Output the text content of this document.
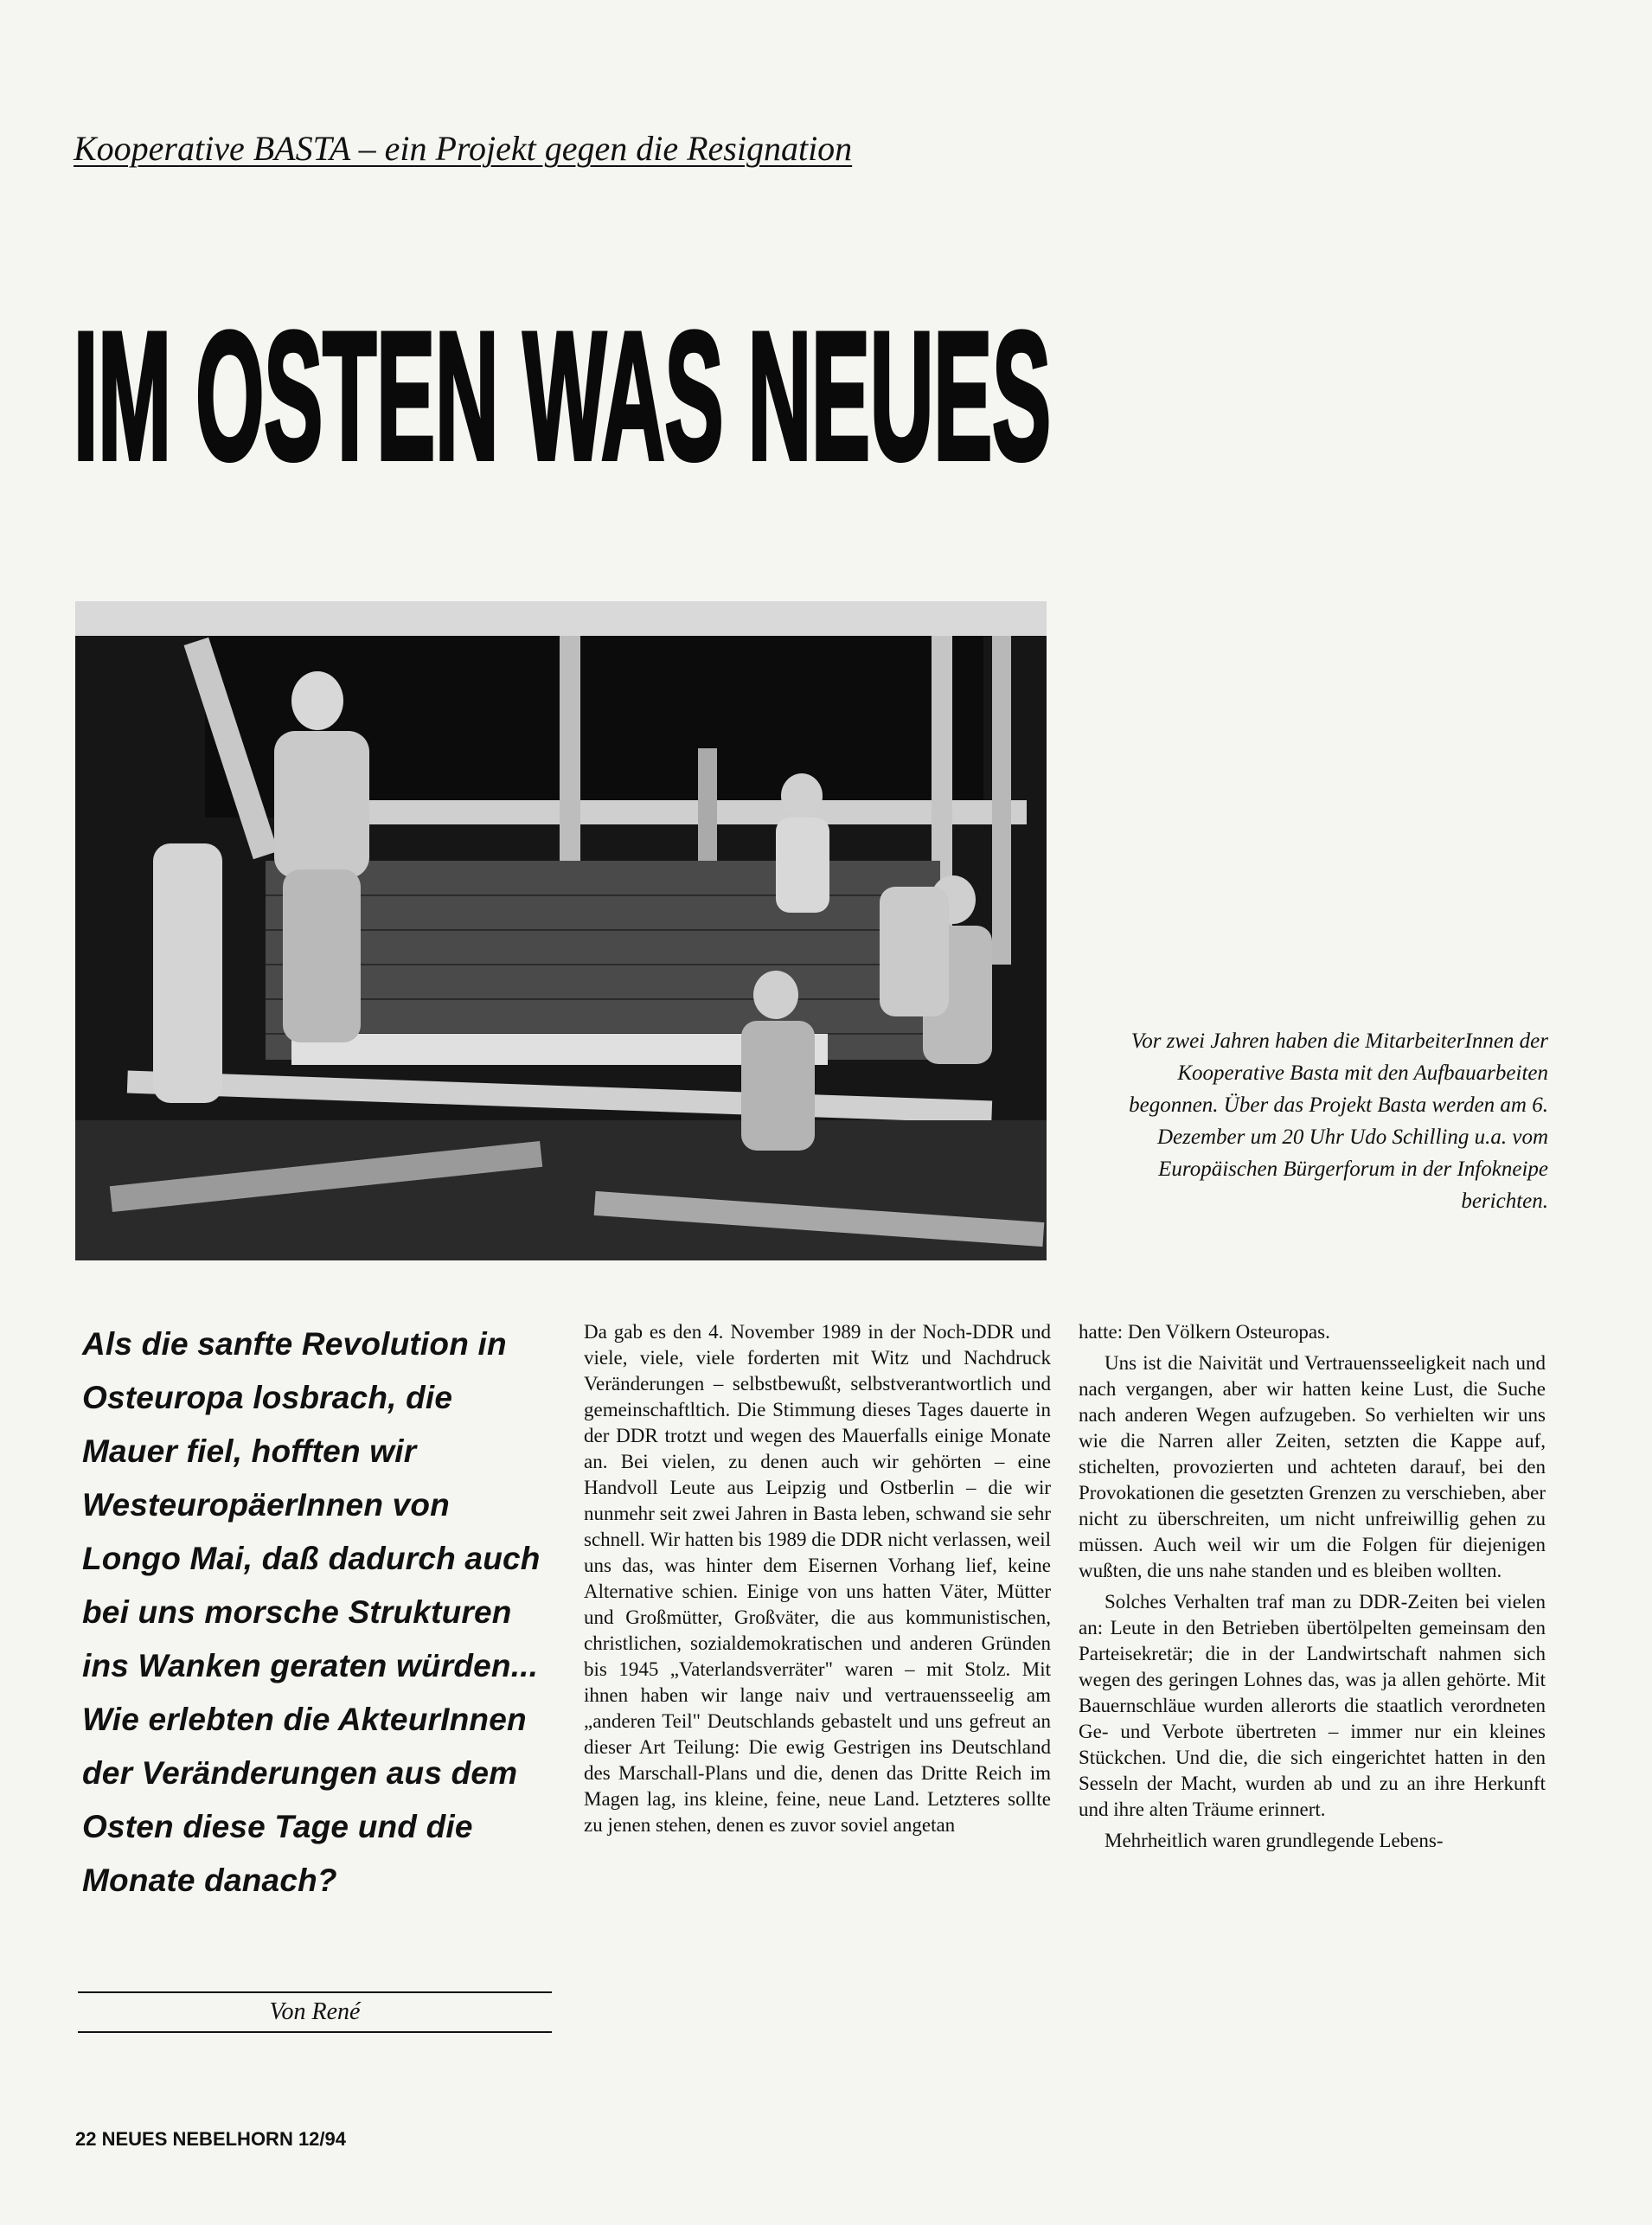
Kooperative BASTA – ein Projekt gegen die Resignation
IM OSTEN WAS NEUES
Vor zwei Jahren haben die MitarbeiterInnen der Kooperative Basta mit den Aufbauarbeiten begonnen. Über das Projekt Basta werden am 6. Dezember um 20 Uhr Udo Schilling u.a. vom Europäischen Bürgerforum in der Infokneipe berichten.

Als die sanfte Revolution in Osteuropa losbrach, die Mauer fiel, hofften wir WesteuropäerInnen von Longo Mai, daß dadurch auch bei uns morsche Strukturen ins Wanken geraten würden...

Wie erlebten die AkteurInnen der Veränderungen aus dem Osten diese Tage und die Monate danach?

Von René

Da gab es den 4. November 1989 in der Noch-DDR und viele, viele, viele forderten mit Witz und Nachdruck Veränderungen – selbstbewußt, selbstverantwortlich und gemeinschaftltich. Die Stimmung dieses Tages dauerte in der DDR trotzt und wegen des Mauerfalls einige Monate an. Bei vielen, zu denen auch wir gehörten – eine Handvoll Leute aus Leipzig und Ostberlin – die wir nunmehr seit zwei Jahren in Basta leben, schwand sie sehr schnell. Wir hatten bis 1989 die DDR nicht verlassen, weil uns das, was hinter dem Eisernen Vorhang lief, keine Alternative schien. Einige von uns hatten Väter, Mütter und Großmütter, Großväter, die aus kommunistischen, christlichen, sozialdemokratischen und anderen Gründen bis 1945 „Vaterlandsverräter" waren – mit Stolz. Mit ihnen haben wir lange naiv und vertrauensseelig am „anderen Teil" Deutschlands gebastelt und uns gefreut an dieser Art Teilung: Die ewig Gestrigen ins Deutschland des Marschall-Plans und die, denen das Dritte Reich im Magen lag, ins kleine, feine, neue Land. Letzteres sollte zu jenen stehen, denen es zuvor soviel angetan

hatte: Den Völkern Osteuropas.

Uns ist die Naivität und Vertrauensseeligkeit nach und nach vergangen, aber wir hatten keine Lust, die Suche nach anderen Wegen aufzugeben. So verhielten wir uns wie die Narren aller Zeiten, setzten die Kappe auf, stichelten, provozierten und achteten darauf, bei den Provokationen die gesetzten Grenzen zu verschieben, aber nicht zu überschreiten, um nicht unfreiwillig gehen zu müssen. Auch weil wir um die Folgen für diejenigen wußten, die uns nahe standen und es bleiben wollten.

Solches Verhalten traf man zu DDR-Zeiten bei vielen an: Leute in den Betrieben übertölpelten gemeinsam den Parteisekretär; die in der Landwirtschaft nahmen sich wegen des geringen Lohnes das, was ja allen gehörte. Mit Bauernschläue wurden allerorts die staatlich verordneten Ge- und Verbote übertreten – immer nur ein kleines Stückchen. Und die, die sich eingerichtet hatten in den Sesseln der Macht, wurden ab und zu an ihre Herkunft und ihre alten Träume erinnert.

Mehrheitlich waren grundlegende Lebens-

22 NEUES NEBELHORN 12/94
